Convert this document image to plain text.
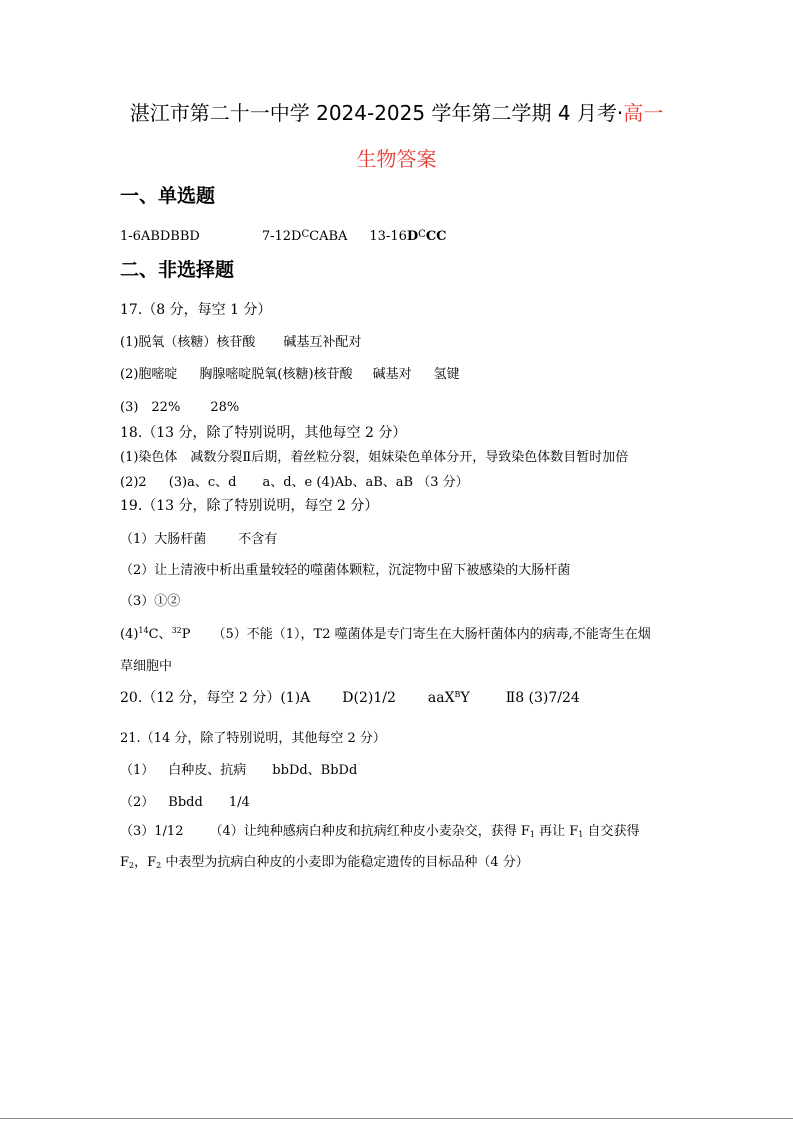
湛江市第二十一中学 2024-2025 学年第二学期 4 月考·高一
生物答案
一、单选题
1-6ABDBBD	$7-12D^CCABA$ $13-16D^CCC$
二、非选择题
17.（8 分，每空 1 分）
(1)脱氧（核糖）核苷酸 碱基互补配对
(2)胞嘧啶 胸腺嘧啶脱氧(核糖)核苷酸 碱基对 氢键
(3)　22% 28%
18.（13 分，除了特别说明，其他每空 2 分）
(1)染色体　减数分裂Ⅱ后期，着丝粒分裂，姐妹染色单体分开，导致染色体数目暂时加倍
(2)2 (3)a、c、d a、d、e (4)Ab、aB、aB （3 分）
19.（13 分，除了特别说明，每空 2 分）
（1）大肠杆菌 不含有
（2）让上清液中析出重量较轻的噬菌体颗粒，沉淀物中留下被感染的大肠杆菌
（3）①②
$(4)^{14}C$、$^{32}$P （5）不能（1），T2 噬菌体是专门寄生在大肠杆菌体内的病毒,不能寄生在烟
草细胞中
20.（12 分，每空 2 分）(1)A D(2)1/2 aaX$^B$Y	Ⅱ8 (3)7/24
21.（14 分，除了特别说明，其他每空 2 分）
（1） 白种皮、抗病 bbDd、BbDd
（2） Bbdd 1/4
（3）1/12 （4）让纯种感病白种皮和抗病红种皮小麦杂交，获得 $F_1$ 再让 $F_1$ 自交获得
$F_2$，$F_2$ 中表型为抗病白种皮的小麦即为能稳定遗传的目标品种（4 分）
